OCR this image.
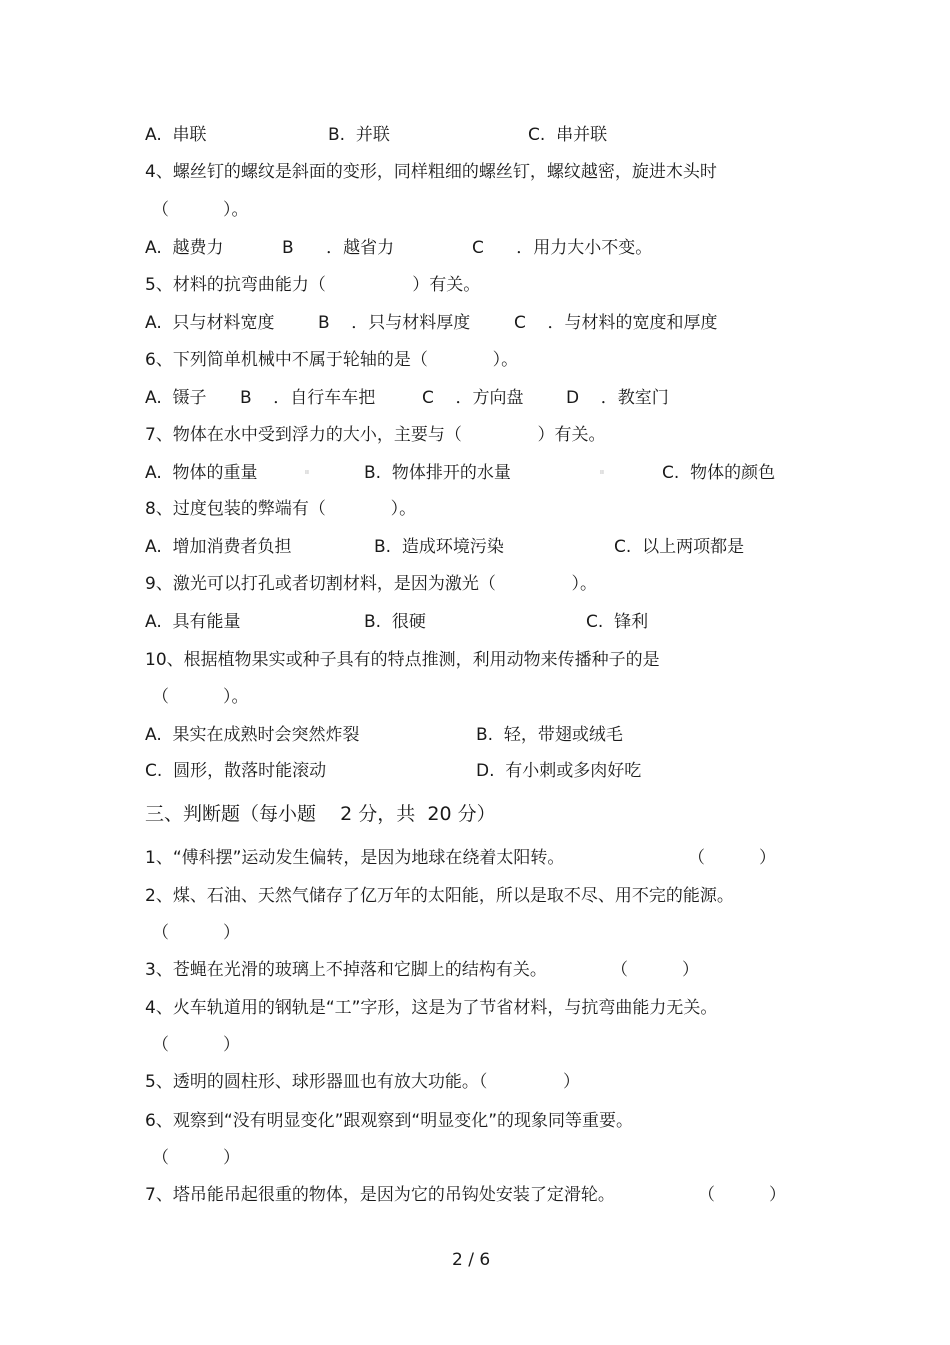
A.  串联	B.  并联	C.  串并联
4、螺丝钉的螺纹是斜面的变形，同样粗细的螺丝钉，螺纹越密，旋进木头时
（          ）。
A.  越费力	B      ．越省力	C      ．用力大小不变。
5、材料的抗弯曲能力（                ）有关。
A.  只与材料宽度	B    ．只与材料厚度	C    ．与材料的宽度和厚度
6、下列简单机械中不属于轮轴的是（            ）。
A.  镊子 B    ．自行车车把	C    ．方向盘	D    ．教室门
7、物体在水中受到浮力的大小，主要与（              ）有关。
A.  物体的重量	ıı	B.  物体排开的水量	ıı	C.  物体的颜色
8、过度包装的弊端有（            ）。
A.  增加消费者负担	B.  造成环境污染	C.  以上两项都是
9、激光可以打孔或者切割材料，是因为激光（              ）。
A.  具有能量	B.  很硬	C.  锋利
10、根据植物果实或种子具有的特点推测，利用动物来传播种子的是
（          ）。
A.  果实在成熟时会突然炸裂	B.  轻，带翅或绒毛
C.  圆形，散落时能滚动	D.  有小刺或多肉好吃
三、判断题（每小题    2 分，共  20 分）
1、“傅科摆”运动发生偏转，是因为地球在绕着太阳转。	（          ）
2、煤、石油、天然气储存了亿万年的太阳能，所以是取不尽、用不完的能源。
（          ）
3、苍蝇在光滑的玻璃上不掉落和它脚上的结构有关。	（          ）
4、火车轨道用的钢轨是“工”字形，这是为了节省材料，与抗弯曲能力无关。
（          ）
5、透明的圆柱形、球形器皿也有放大功能。（              ）
6、观察到“没有明显变化”跟观察到“明显变化”的现象同等重要。
（          ）
7、塔吊能吊起很重的物体，是因为它的吊钩处安装了定滑轮。	（          ）
2 / 6
